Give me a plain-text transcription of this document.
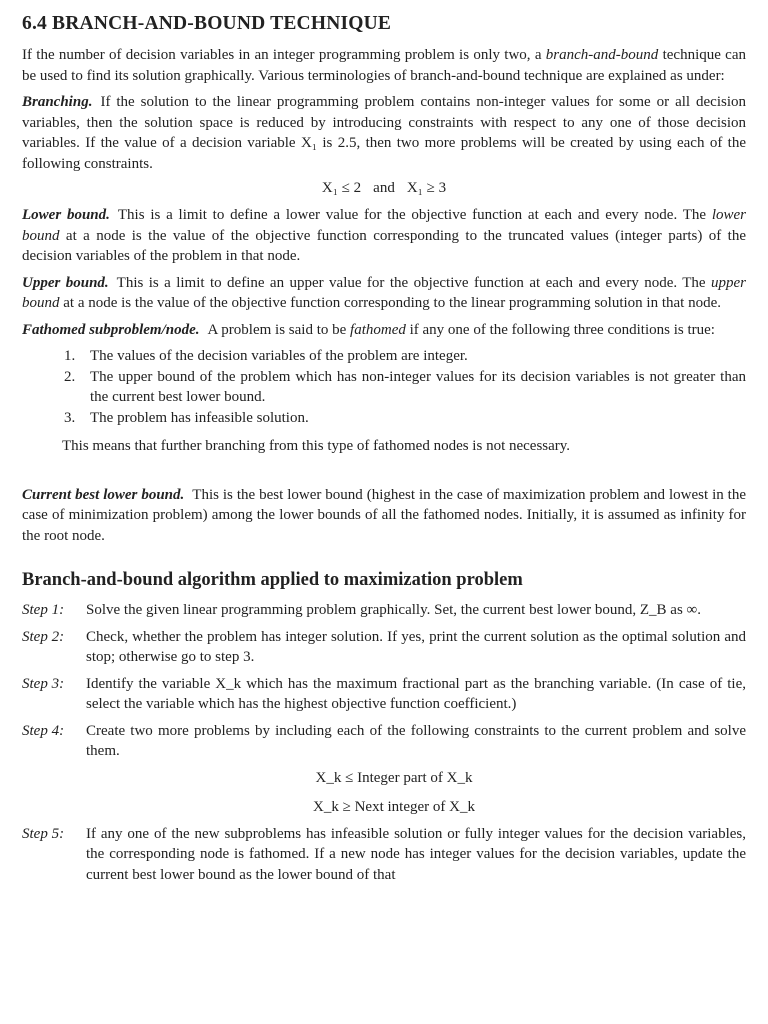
6.4 BRANCH-AND-BOUND TECHNIQUE

If the number of decision variables in an integer programming problem is only two, a branch-and-bound technique can be used to find its solution graphically. Various terminologies of branch-and-bound technique are explained as under:

Branching. If the solution to the linear programming problem contains non-integer values for some or all decision variables, then the solution space is reduced by introducing constraints with respect to any one of those decision variables. If the value of a decision variable X₁ is 2.5, then two more problems will be created by using each of the following constraints.

X₁ ≤ 2 and X₁ ≥ 3

Lower bound. This is a limit to define a lower value for the objective function at each and every node. The lower bound at a node is the value of the objective function corresponding to the truncated values (integer parts) of the decision variables of the problem in that node.

Upper bound. This is a limit to define an upper value for the objective function at each and every node. The upper bound at a node is the value of the objective function corresponding to the linear programming solution in that node.

Fathomed subproblem/node. A problem is said to be fathomed if any one of the following three conditions is true:

1. The values of the decision variables of the problem are integer.
2. The upper bound of the problem which has non-integer values for its decision variables is not greater than the current best lower bound.
3. The problem has infeasible solution.
This means that further branching from this type of fathomed nodes is not necessary.

Current best lower bound. This is the best lower bound (highest in the case of maximization problem and lowest in the case of minimization problem) among the lower bounds of all the fathomed nodes. Initially, it is assumed as infinity for the root node.

Branch-and-bound algorithm applied to maximization problem
Step 1:	Solve the given linear programming problem graphically. Set, the current best lower bound, Z_B as ∞.
Step 2:	Check, whether the problem has integer solution. If yes, print the current solution as the optimal solution and stop; otherwise go to step 3.
Step 3:	Identify the variable X_k which has the maximum fractional part as the branching variable. (In case of tie, select the variable which has the highest objective function coefficient.)
Step 4:	Create two more problems by including each of the following constraints to the current problem and solve them.
X_k ≤ Integer part of X_k
X_k ≥ Next integer of X_k
Step 5:	If any one of the new subproblems has infeasible solution or fully integer values for the decision variables, the corresponding node is fathomed. If a new node has integer values for the decision variables, update the current best lower bound as the lower bound of that
